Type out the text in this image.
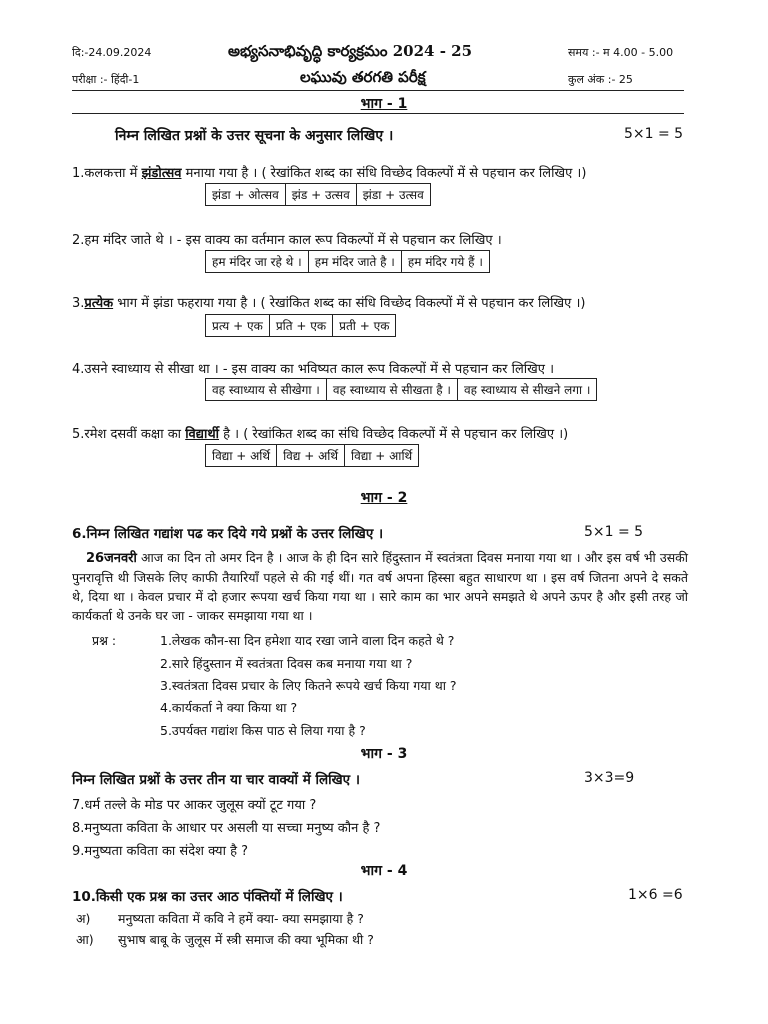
दि:-24.09.2024	అభ్యసనాభివృద్ధి కార్యక్రమం 2024 - 25	समय :- म 4.00 - 5.00
परीक्षा :- हिंदी-1	లఘువు తరగతి పరీక్ష	कुल अंक :- 25
भाग - 1
निम्न लिखित प्रश्नों के उत्तर सूचना के अनुसार लिखिए ।	5×1 = 5
1.कलकत्ता में झंडोत्सव मनाया गया है । ( रेखांकित शब्द का संधि विच्छेद विकल्पों में से पहचान कर लिखिए ।)
झंडा + ओत्सव	झंड + उत्सव	झंडा + उत्सव
2.हम मंदिर जाते थे । - इस वाक्य का वर्तमान काल रूप विकल्पों में से पहचान कर लिखिए ।
हम मंदिर जा रहे थे ।	हम मंदिर जाते है ।	हम मंदिर गये हैं ।
3.प्रत्येक भाग में झंडा फहराया गया है । ( रेखांकित शब्द का संधि विच्छेद विकल्पों में से पहचान कर लिखिए ।)
प्रत्य + एक	प्रति + एक	प्रती + एक
4.उसने स्वाध्याय से सीखा था । - इस वाक्य का भविष्यत काल रूप विकल्पों में से पहचान कर लिखिए ।
वह स्वाध्याय से सीखेगा ।	वह स्वाध्याय से सीखता है ।	वह स्वाध्याय से सीखने लगा ।
5.रमेश दसवीं कक्षा का विद्यार्थी है । ( रेखांकित शब्द का संधि विच्छेद विकल्पों में से पहचान कर लिखिए ।)
विद्या + अर्थि	विद्य + अर्थि	विद्या + आर्थि
भाग - 2
6.निम्न लिखित गद्यांश पढ कर दिये गये प्रश्नों के उत्तर लिखिए ।	5×1 = 5
26जनवरी आज का दिन तो अमर दिन है । आज के ही दिन सारे हिंदुस्तान में स्वतंत्रता दिवस मनाया गया था । और इस वर्ष भी उसकी पुनरावृत्ति थी जिसके लिए काफी तैयारियाँ पहले से की गई थीं। गत वर्ष अपना हिस्सा बहुत साधारण था । इस वर्ष जितना अपने दे सकते थे, दिया था । केवल प्रचार में दो हजार रूपया खर्च किया गया था । सारे काम का भार अपने समझते थे अपने ऊपर है और इसी तरह जो कार्यकर्ता थे उनके घर जा - जाकर समझाया गया था ।
प्रश्न :	1.लेखक कौन-सा दिन हमेशा याद रखा जाने वाला दिन कहते थे ?
2.सारे हिंदुस्तान में स्वतंत्रता दिवस कब मनाया गया था ?
3.स्वतंत्रता दिवस प्रचार के लिए कितने रूपये खर्च किया गया था ?
4.कार्यकर्ता ने क्या किया था ?
5.उपर्यक्त गद्यांश किस पाठ से लिया गया है ?
भाग - 3
निम्न लिखित प्रश्नों के उत्तर तीन या चार वाक्यों में लिखिए ।	3×3=9
7.धर्म तल्ले के मोड पर आकर जुलूस क्यों टूट गया ?
8.मनुष्यता कविता के आधार पर असली या सच्चा मनुष्य कौन है ?
9.मनुष्यता कविता का संदेश क्या है ?
भाग - 4
10.किसी एक प्रश्न का उत्तर आठ पंक्तियों में लिखिए ।	1×6 =6
अ) मनुष्यता कविता में कवि ने हमें क्या- क्या समझाया है ?
आ) सुभाष बाबू के जुलूस में स्त्री समाज की क्या भूमिका थी ?
